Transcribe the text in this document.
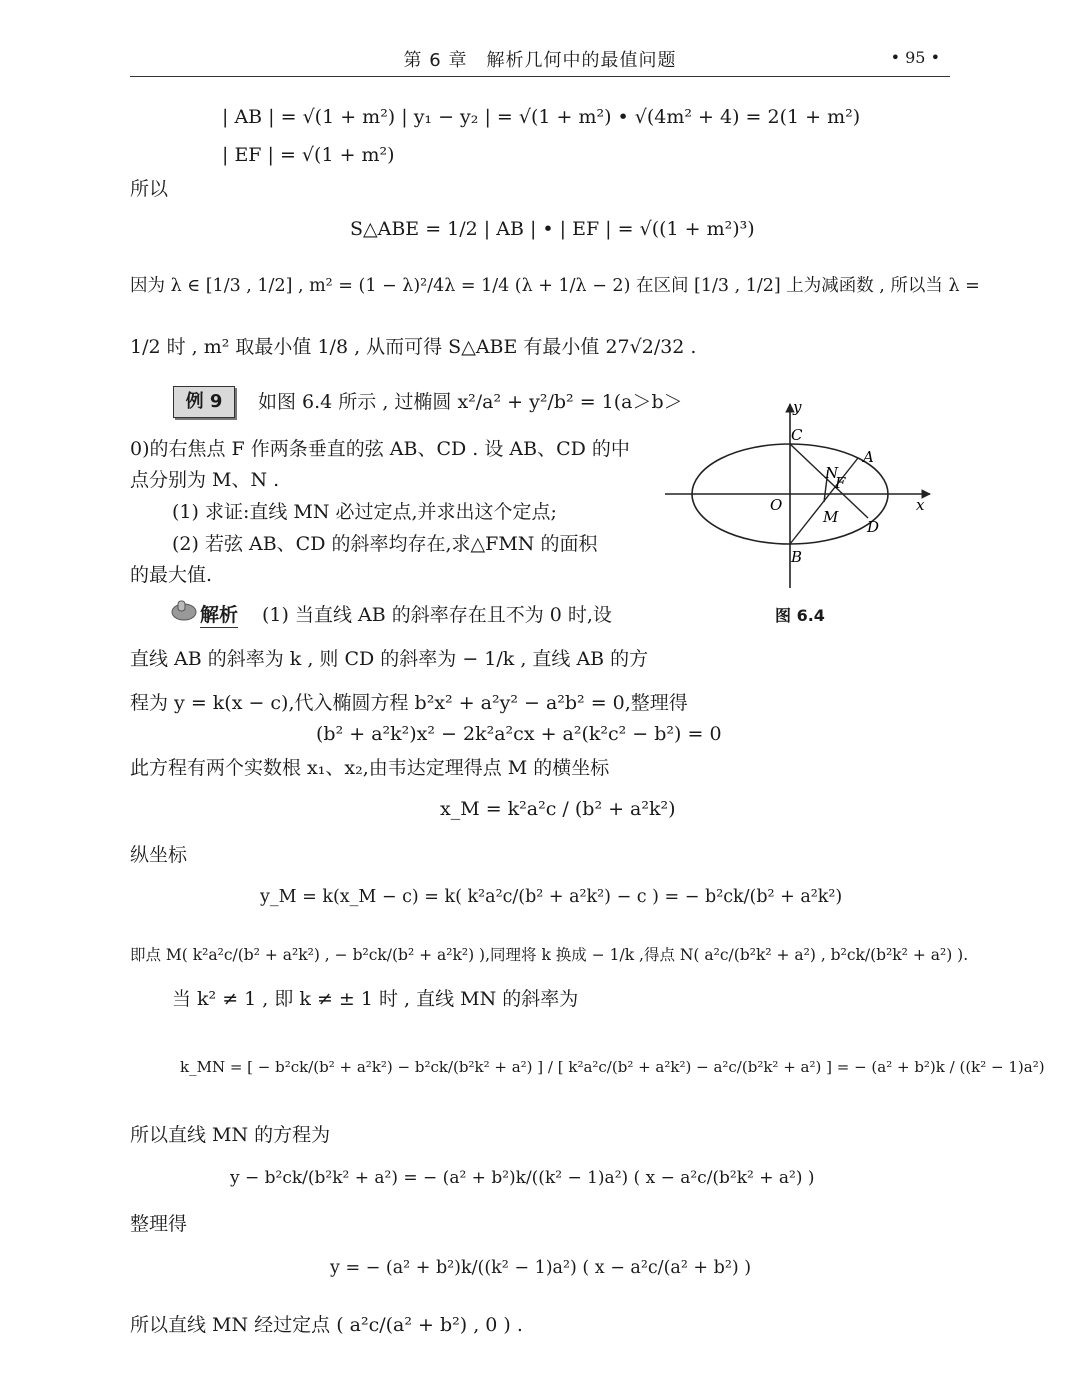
第 6 章　解析几何中的最值问题	• 95 •
| AB | = √(1 + m²) | y₁ − y₂ | = √(1 + m²) • √(4m² + 4) = 2(1 + m²)
| EF | = √(1 + m²)
所以
S△ABE = 1/2 | AB | • | EF | = √((1 + m²)³)
因为 λ ∈ [1/3 , 1/2] , m² = (1 − λ)²/4λ = 1/4 (λ + 1/λ − 2) 在区间 [1/3 , 1/2] 上为减函数 , 所以当 λ =
1/2 时 , m² 取最小值 1/8 , 从而可得 S△ABE 有最小值 27√2/32 .
例 9	如图 6.4 所示 , 过椭圆 x²/a² + y²/b² = 1(a＞b＞
0)的右焦点 F 作两条垂直的弦 AB、CD . 设 AB、CD 的中
点分别为 M、N .
(1) 求证:直线 MN 必过定点,并求出这个定点;
(2) 若弦 AB、CD 的斜率均存在,求△FMN 的面积
的最大值.
解析 (1) 当直线 AB 的斜率存在且不为 0 时,设
直线 AB 的斜率为 k , 则 CD 的斜率为 − 1/k , 直线 AB 的方
程为 y = k(x − c),代入椭圆方程 b²x² + a²y² − a²b² = 0,整理得
(b² + a²k²)x² − 2k²a²cx + a²(k²c² − b²) = 0
此方程有两个实数根 x₁、x₂,由韦达定理得点 M 的横坐标
x_M = k²a²c / (b² + a²k²)
纵坐标
y_M = k(x_M − c) = k( k²a²c/(b² + a²k²) − c ) = − b²ck/(b² + a²k²)
即点 M( k²a²c/(b² + a²k²) , − b²ck/(b² + a²k²) ),同理将 k 换成 − 1/k ,得点 N( a²c/(b²k² + a²) , b²ck/(b²k² + a²) ).
当 k² ≠ 1 , 即 k ≠ ± 1 时 , 直线 MN 的斜率为
k_MN = [ − b²ck/(b² + a²k²) − b²ck/(b²k² + a²) ] / [ k²a²c/(b² + a²k²) − a²c/(b²k² + a²) ] = − (a² + b²)k / ((k² − 1)a²)
所以直线 MN 的方程为
y − b²ck/(b²k² + a²) = − (a² + b²)k/((k² − 1)a²) ( x − a²c/(b²k² + a²) )
整理得
y = − (a² + b²)k/((k² − 1)a²) ( x − a²c/(a² + b²) )
所以直线 MN 经过定点 ( a²c/(a² + b²) , 0 ) .
y
x
O
A
B
C
D
F
M
N
图 6.4
